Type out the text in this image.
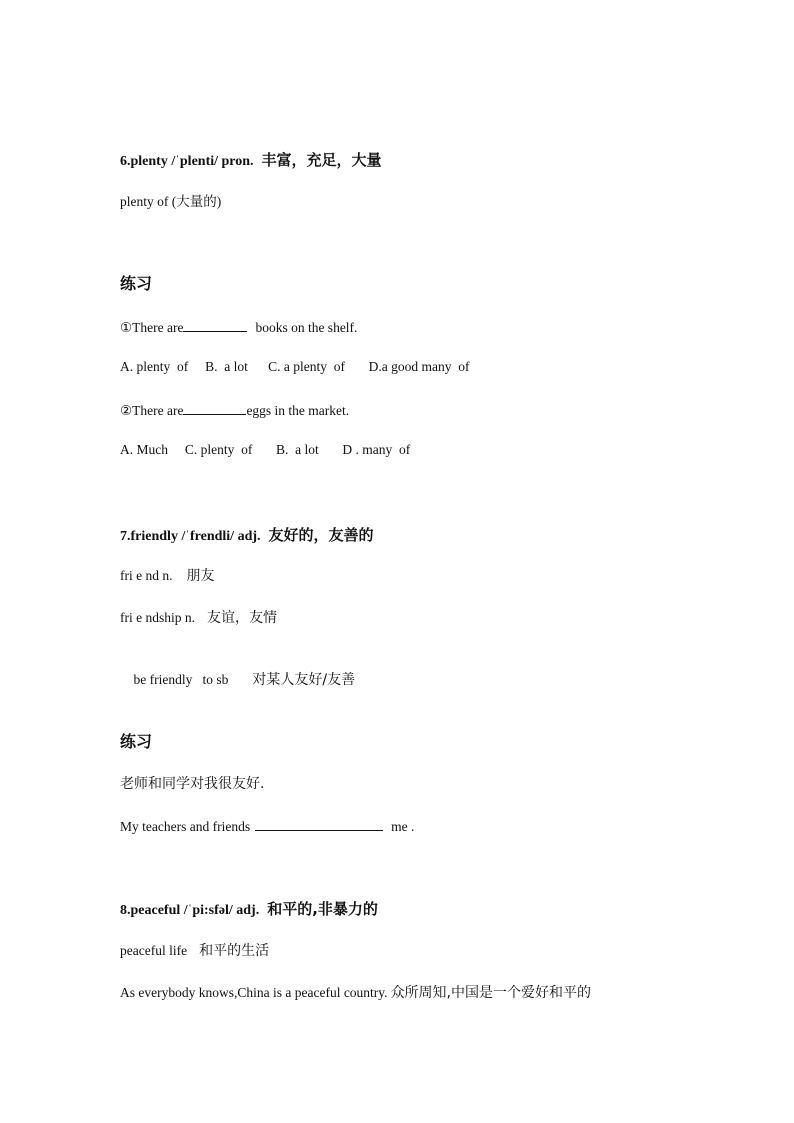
6.plenty /ˈplenti/ pron. 丰富，充足，大量
plenty of (大量的)
练习
①There are	books on the shelf.
A. plenty  of     B.  a lot      C. a plenty  of       D.a good many  of
②There are	eggs in the market.
A. Much     C. plenty  of       B.  a lot       D . many  of
7.friendly /ˈfrendli/ adj. 友好的，友善的
fri e nd n. 朋友
fri e ndship n. 友谊，友情

be friendly   to sb 对某人友好/友善

练习
老师和同学对我很友好.
My teachers and friends	me .
8.peaceful /ˈpi:sfəl/ adj. 和平的,非暴力的
peaceful life 和平的生活
As everybody knows,China is a peaceful country. 众所周知,中国是一个爱好和平的
